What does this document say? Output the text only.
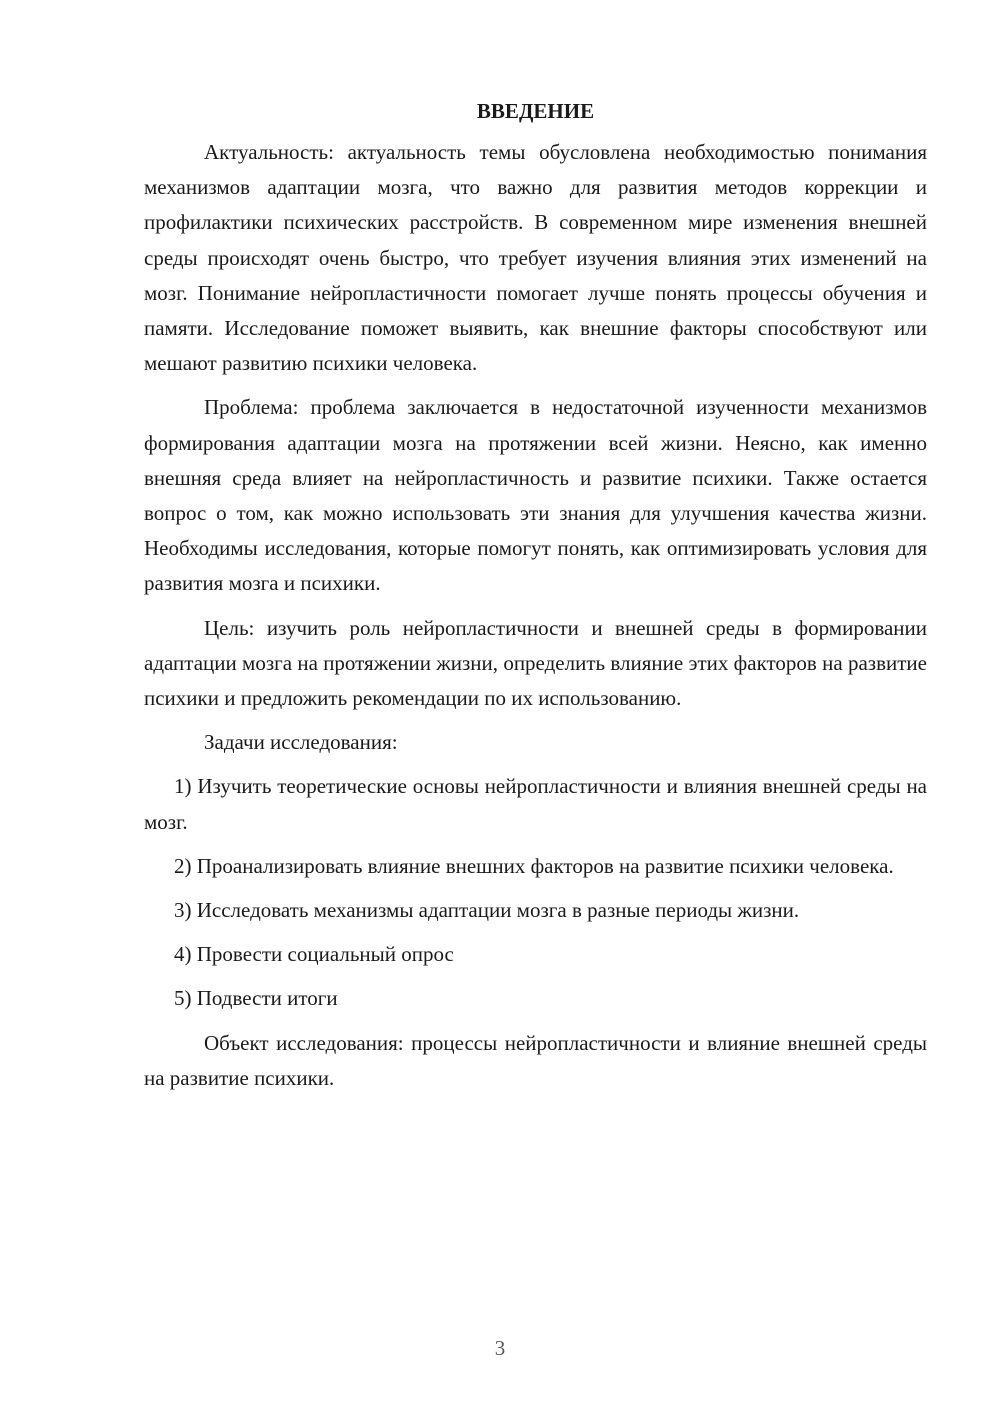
ВВЕДЕНИЕ

Актуальность: актуальность темы обусловлена необходимостью понимания механизмов адаптации мозга, что важно для развития методов коррекции и профилактики психических расстройств. В современном мире изменения внешней среды происходят очень быстро, что требует изучения влияния этих изменений на мозг. Понимание нейропластичности помогает лучше понять процессы обучения и памяти. Исследование поможет выявить, как внешние факторы способствуют или мешают развитию психики человека.

Проблема: проблема заключается в недостаточной изученности механизмов формирования адаптации мозга на протяжении всей жизни. Неясно, как именно внешняя среда влияет на нейропластичность и развитие психики. Также остается вопрос о том, как можно использовать эти знания для улучшения качества жизни. Необходимы исследования, которые помогут понять, как оптимизировать условия для развития мозга и психики.

Цель: изучить роль нейропластичности и внешней среды в формировании адаптации мозга на протяжении жизни, определить влияние этих факторов на развитие психики и предложить рекомендации по их использованию.

Задачи исследования:

1) Изучить теоретические основы нейропластичности и влияния внешней среды на мозг.

2) Проанализировать влияние внешних факторов на развитие психики человека.

3) Исследовать механизмы адаптации мозга в разные периоды жизни.

4) Провести социальный опрос

5) Подвести итоги

Объект исследования: процессы нейропластичности и влияние внешней среды на развитие психики.

3
